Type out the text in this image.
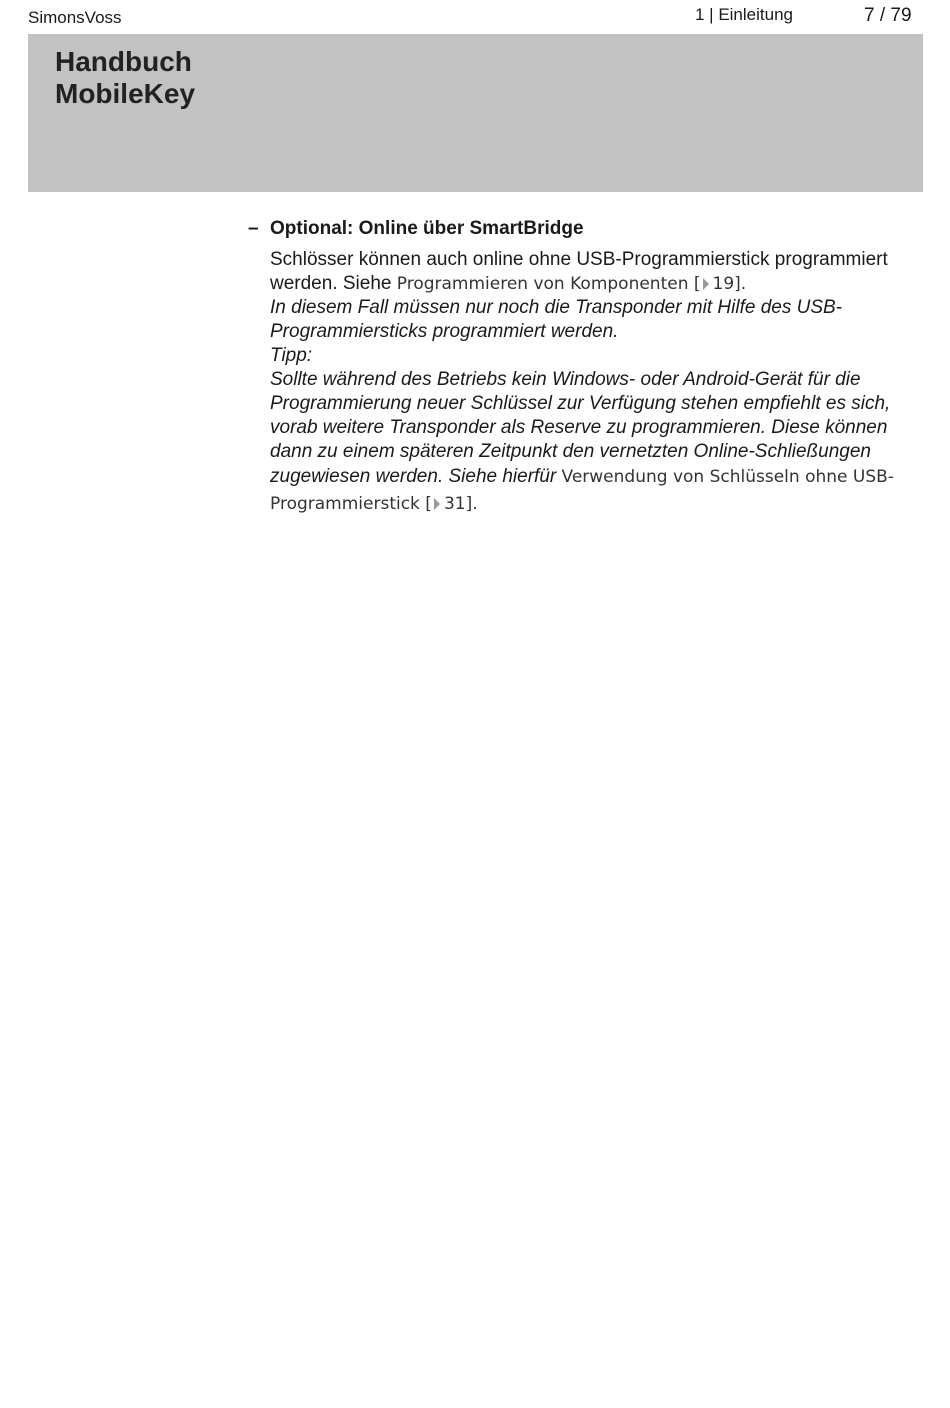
SimonsVoss	1 | Einleitung	7 / 79
Handbuch
MobileKey
– Optional: Online über SmartBridge

Schlösser können auch online ohne USB-Programmierstick programmiert werden. Siehe Programmieren von Komponenten [ 19].

In diesem Fall müssen nur noch die Transponder mit Hilfe des USB-Programmiersticks programmiert werden.

Tipp:

Sollte während des Betriebs kein Windows- oder Android-Gerät für die Programmierung neuer Schlüssel zur Verfügung stehen empfiehlt es sich, vorab weitere Transponder als Reserve zu programmieren. Diese können dann zu einem späteren Zeitpunkt den vernetzten Online-Schließungen zugewiesen werden. Siehe hierfür Verwendung von Schlüsseln ohne USB-Programmierstick [ 31].
